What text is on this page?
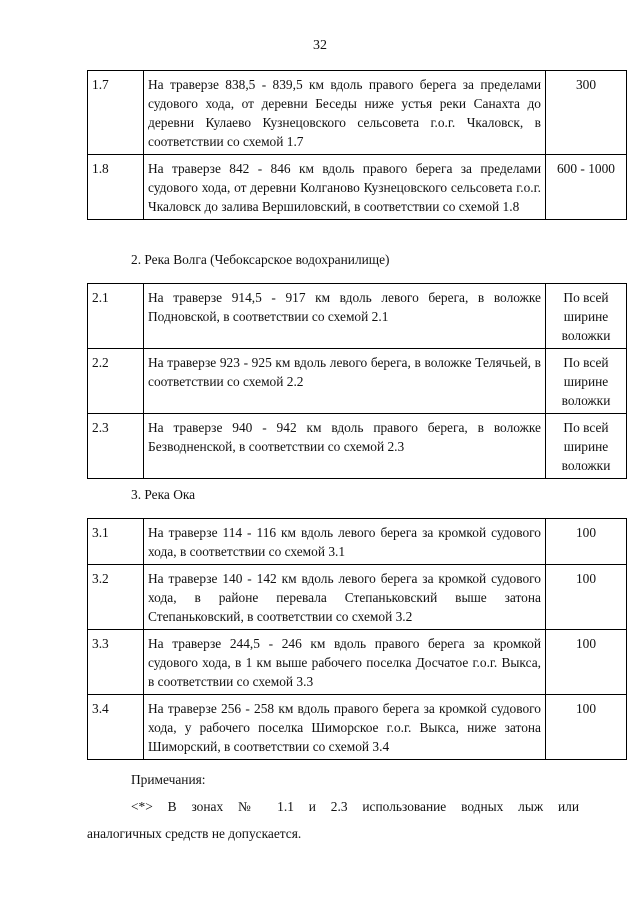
32
1.7	На траверзе 838,5 - 839,5 км вдоль правого берега за пределами судового хода, от деревни Беседы ниже устья реки Санахта до деревни Кулаево Кузнецовского сельсовета г.о.г. Чкаловск, в соответствии со схемой 1.7	300
1.8	На траверзе 842 - 846 км вдоль правого берега за пределами судового хода, от деревни Колганово Кузнецовского сельсовета г.о.г. Чкаловск до залива Вершиловский, в соответствии со схемой 1.8	600 - 1000
2. Река Волга (Чебоксарское водохранилище)
2.1	На траверзе 914,5 - 917 км вдоль левого берега, в воложке Подновской, в соответствии со схемой 2.1	По всей ширине воложки
2.2	На траверзе 923 - 925 км вдоль левого берега, в воложке Телячьей, в соответствии со схемой 2.2	По всей ширине воложки
2.3	На траверзе 940 - 942 км вдоль правого берега, в воложке Безводненской, в соответствии со схемой 2.3	По всей ширине воложки
3. Река Ока
3.1	На траверзе 114 - 116 км вдоль левого берега за кромкой судового хода, в соответствии со схемой 3.1	100
3.2	На траверзе 140 - 142 км вдоль левого берега за кромкой судового хода, в районе перевала Степаньковский выше затона Степаньковский, в соответствии со схемой 3.2	100
3.3	На траверзе 244,5 - 246 км вдоль правого берега за кромкой судового хода, в 1 км выше рабочего поселка Досчатое г.о.г. Выкса, в соответствии со схемой 3.3	100
3.4	На траверзе 256 - 258 км вдоль правого берега за кромкой судового хода, у рабочего поселка Шиморское г.о.г. Выкса, ниже затона Шиморский, в соответствии со схемой 3.4	100
Примечания:
<*> В зонах № 1.1 и 2.3 использование водных лыж или
аналогичных средств не допускается.
